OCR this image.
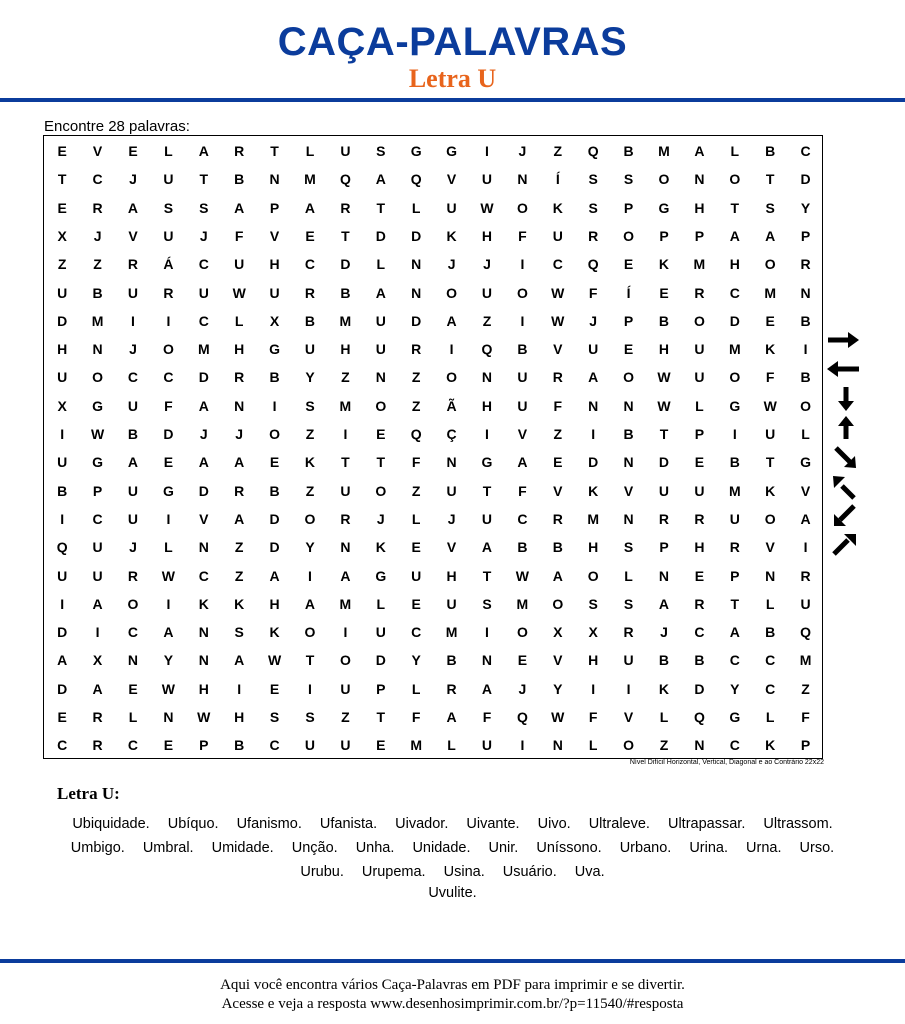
CAÇA-PALAVRAS
Letra U
Encontre 28 palavras:
E	V	E	L	A	R	T	L	U	S	G	G	I	J	Z	Q	B	M	A	L	B	C
T	C	J	U	T	B	N	M	Q	A	Q	V	U	N	Í	S	S	O	N	O	T	D
E	R	A	S	S	A	P	A	R	T	L	U	W	O	K	S	P	G	H	T	S	Y
X	J	V	U	J	F	V	E	T	D	D	K	H	F	U	R	O	P	P	A	A	P
Z	Z	R	Á	C	U	H	C	D	L	N	J	J	I	C	Q	E	K	M	H	O	R
U	B	U	R	U	W	U	R	B	A	N	O	U	O	W	F	Í	E	R	C	M	N
D	M	I	I	C	L	X	B	M	U	D	A	Z	I	W	J	P	B	O	D	E	B
H	N	J	O	M	H	G	U	H	U	R	I	Q	B	V	U	E	H	U	M	K	I
U	O	C	C	D	R	B	Y	Z	N	Z	O	N	U	R	A	O	W	U	O	F	B
X	G	U	F	A	N	I	S	M	O	Z	Ã	H	U	F	N	N	W	L	G	W	O
I	W	B	D	J	J	O	Z	I	E	Q	Ç	I	V	Z	I	B	T	P	I	U	L
U	G	A	E	A	A	E	K	T	T	F	N	G	A	E	D	N	D	E	B	T	G
B	P	U	G	D	R	B	Z	U	O	Z	U	T	F	V	K	V	U	U	M	K	V
I	C	U	I	V	A	D	O	R	J	L	J	U	C	R	M	N	R	R	U	O	A
Q	U	J	L	N	Z	D	Y	N	K	E	V	A	B	B	H	S	P	H	R	V	I
U	U	R	W	C	Z	A	I	A	G	U	H	T	W	A	O	L	N	E	P	N	R
I	A	O	I	K	K	H	A	M	L	E	U	S	M	O	S	S	A	R	T	L	U
D	I	C	A	N	S	K	O	I	U	C	M	I	O	X	X	R	J	C	A	B	Q
A	X	N	Y	N	A	W	T	O	D	Y	B	N	E	V	H	U	B	B	C	C	M
D	A	E	W	H	I	E	I	U	P	L	R	A	J	Y	I	I	K	D	Y	C	Z
E	R	L	N	W	H	S	S	Z	T	F	A	F	Q	W	F	V	L	Q	G	L	F
C	R	C	E	P	B	C	U	U	E	M	L	U	I	N	L	O	Z	N	C	K	P
Nível Difícil Horizontal, Vertical, Diagonal e ao Contrário 22x22
Letra U:
Ubiquidade. Ubíquo. Ufanismo. Ufanista. Uivador. Uivante. Uivo. Ultraleve. Ultrapassar. Ultrassom. Umbigo. Umbral. Umidade. Unção. Unha. Unidade. Unir. Uníssono. Urbano. Urina. Urna. Urso. Urubu. Urupema. Usina. Usuário. Uva.
Uvulite.
Aqui você encontra vários Caça-Palavras em PDF para imprimir e se divertir.
Acesse e veja a resposta www.desenhosimprimir.com.br/?p=11540/#resposta
